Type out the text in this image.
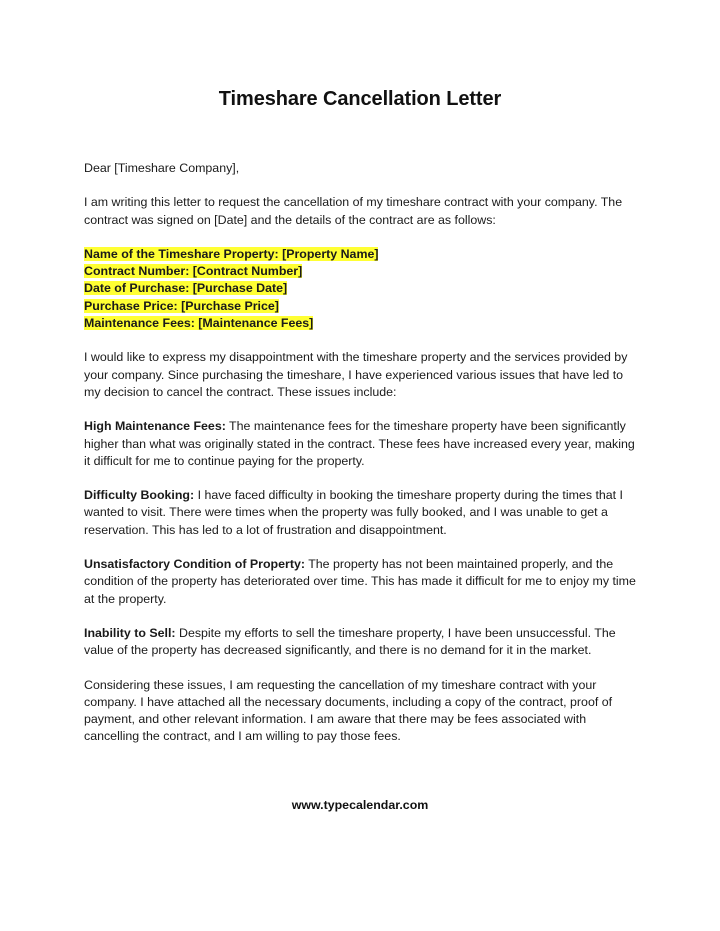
Timeshare Cancellation Letter

Dear [Timeshare Company],

I am writing this letter to request the cancellation of my timeshare contract with your company. The contract was signed on [Date] and the details of the contract are as follows:

Name of the Timeshare Property: [Property Name]
Contract Number: [Contract Number]
Date of Purchase: [Purchase Date]
Purchase Price: [Purchase Price]
Maintenance Fees: [Maintenance Fees]

I would like to express my disappointment with the timeshare property and the services provided by your company. Since purchasing the timeshare, I have experienced various issues that have led to my decision to cancel the contract. These issues include:

High Maintenance Fees: The maintenance fees for the timeshare property have been significantly higher than what was originally stated in the contract. These fees have increased every year, making it difficult for me to continue paying for the property.

Difficulty Booking: I have faced difficulty in booking the timeshare property during the times that I wanted to visit. There were times when the property was fully booked, and I was unable to get a reservation. This has led to a lot of frustration and disappointment.

Unsatisfactory Condition of Property: The property has not been maintained properly, and the condition of the property has deteriorated over time. This has made it difficult for me to enjoy my time at the property.

Inability to Sell: Despite my efforts to sell the timeshare property, I have been unsuccessful. The value of the property has decreased significantly, and there is no demand for it in the market.

Considering these issues, I am requesting the cancellation of my timeshare contract with your company. I have attached all the necessary documents, including a copy of the contract, proof of payment, and other relevant information. I am aware that there may be fees associated with cancelling the contract, and I am willing to pay those fees.

www.typecalendar.com
